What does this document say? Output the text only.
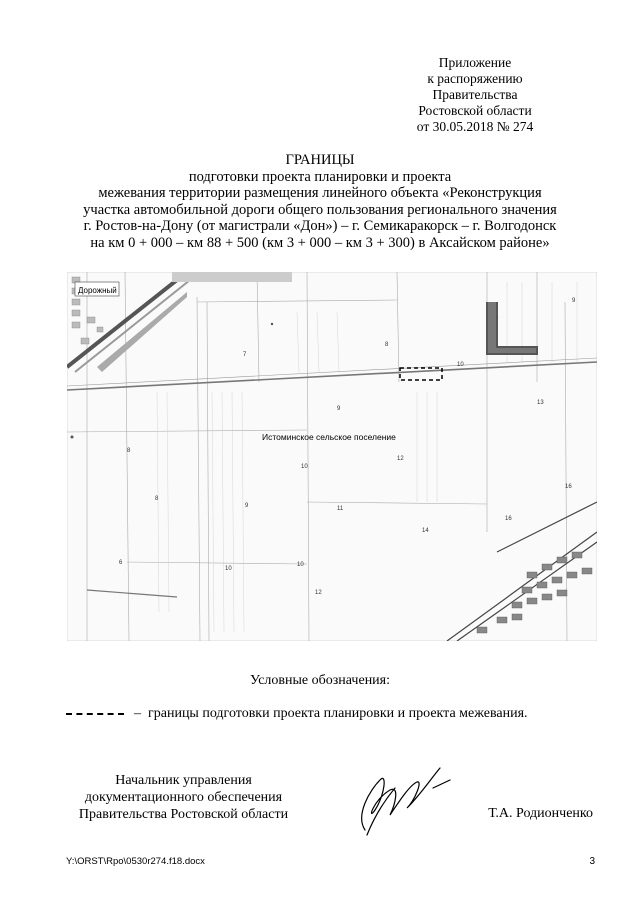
Приложение
к распоряжению
Правительства
Ростовской области
от 30.05.2018 № 274
ГРАНИЦЫ
подготовки проекта планировки и проекта
межевания территории размещения линейного объекта «Реконструкция
участка автомобильной дороги общего пользования регионального значения
г. Ростов-на-Дону (от магистрали «Дон») – г. Семикаракорск – г. Волгодонск
на км 0 + 000 – км 88 + 500 (км 3 + 000 – км 3 + 300) в Аксайском районе»
Дорожный
Истоминское сельское поселение
9
7
8
10
13
9
8
12
10
11
14
9
8
10
6
12
10
16
16
Условные обозначения:
– границы подготовки проекта планировки и проекта межевания.
Начальник управления
документационного обеспечения
Правительства Ростовской области	Т.А. Родионченко
Y:\ORST\Rpo\0530r274.f18.docx	3
